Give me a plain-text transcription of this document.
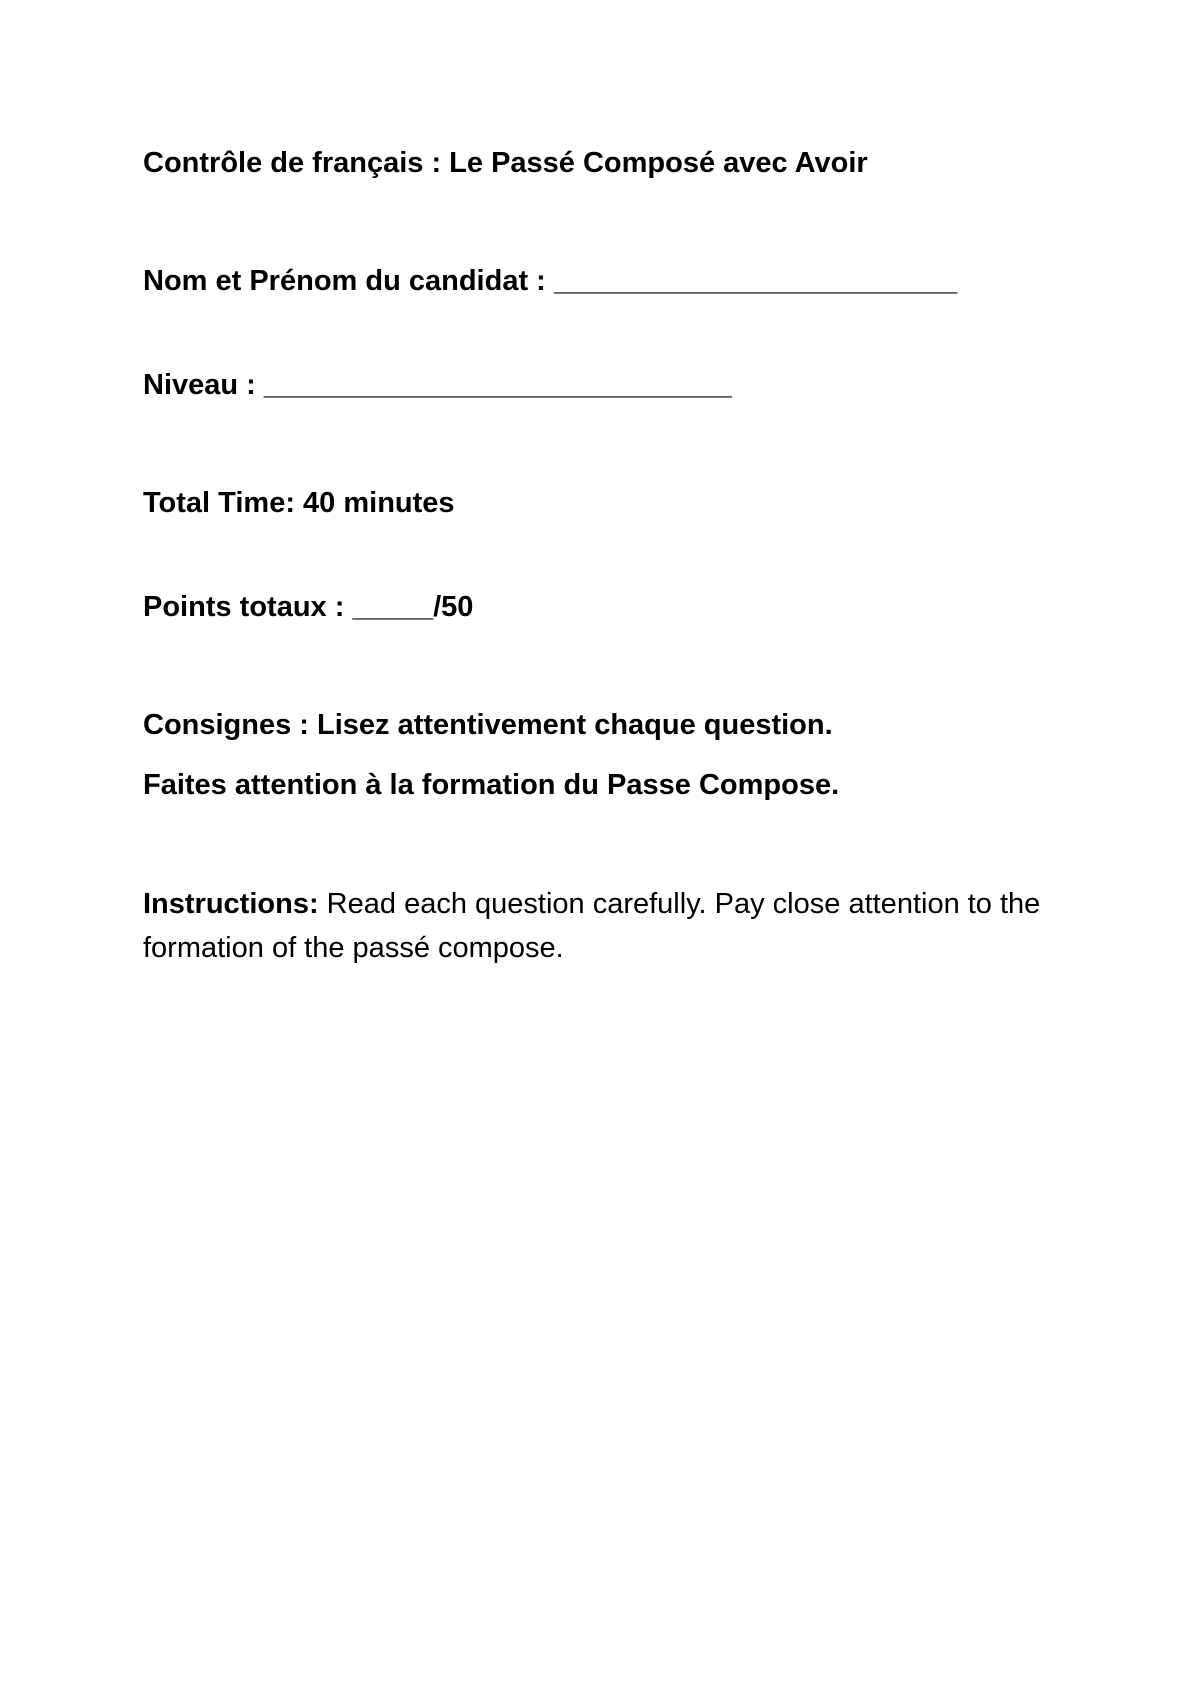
Contrôle de français : Le Passé Composé avec Avoir
Nom et Prénom du candidat : _________________________
Niveau : _____________________________
Total Time: 40 minutes
Points totaux : _____/50
Consignes : Lisez attentivement chaque question.
Faites attention à la formation du Passe Compose.
Instructions: Read each question carefully. Pay close attention to the formation of the passé compose.
